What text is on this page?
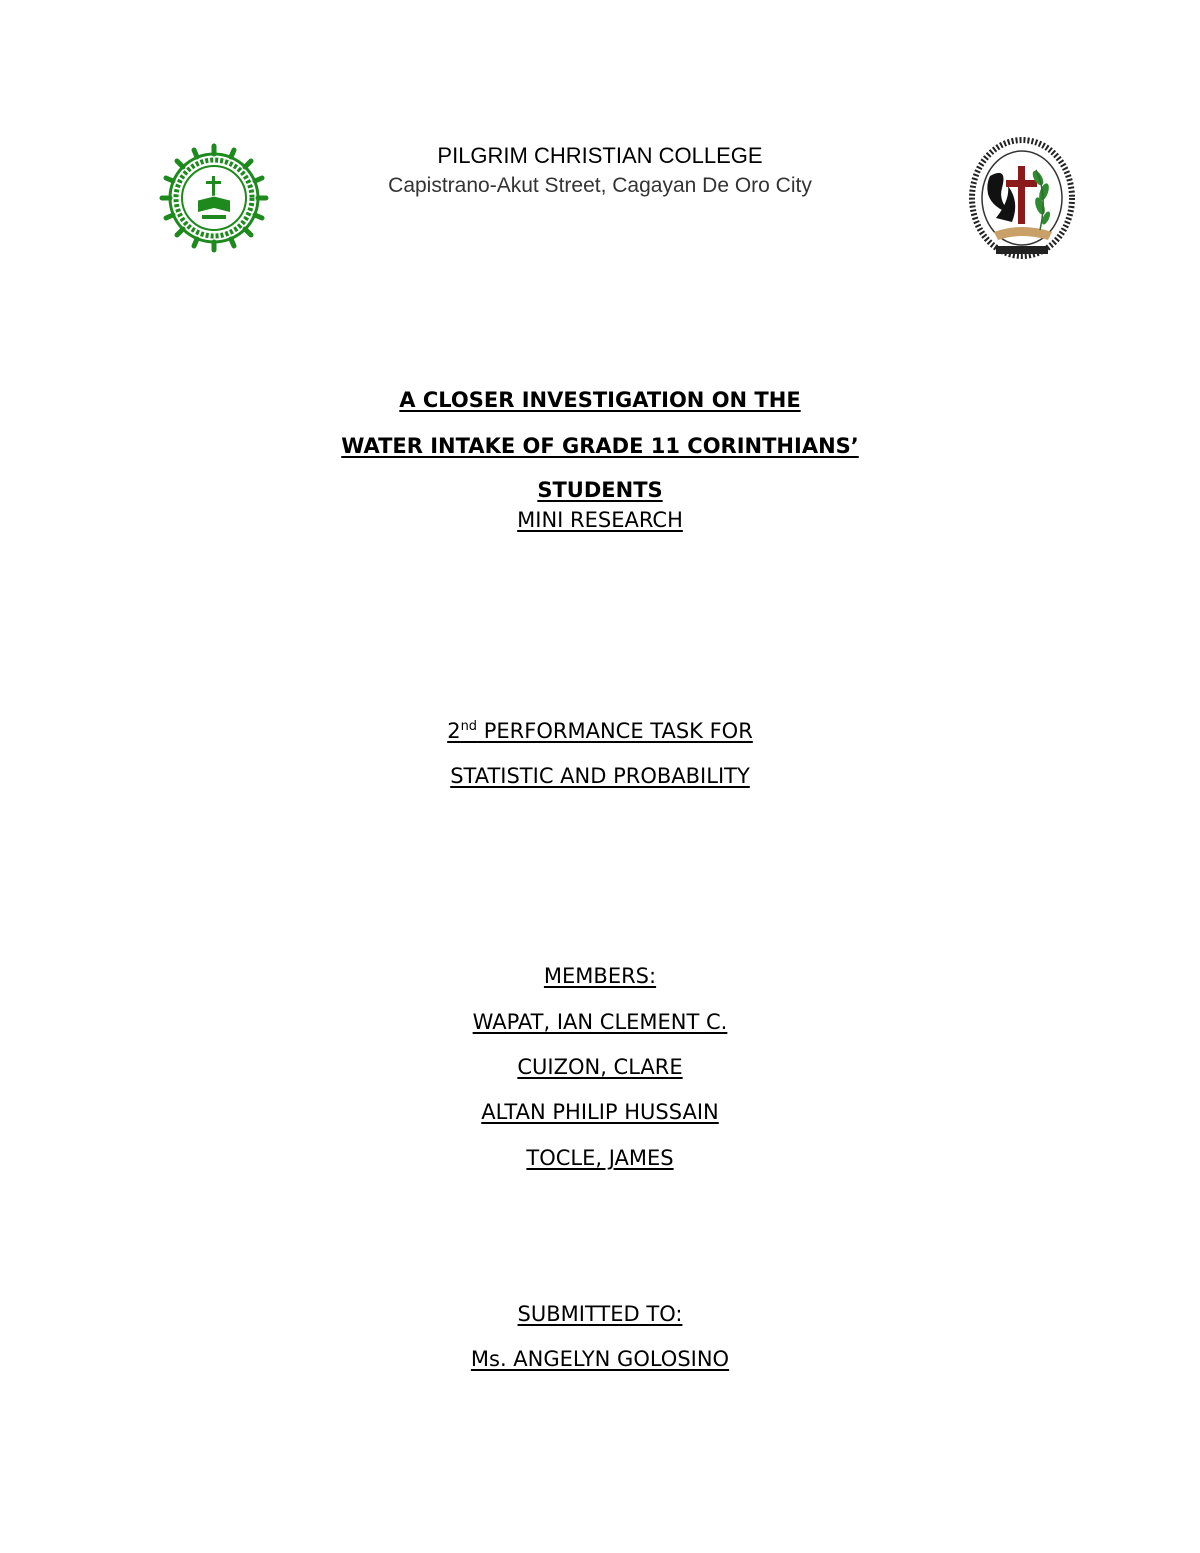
PILGRIM CHRISTIAN COLLEGE
Capistrano-Akut Street, Cagayan De Oro City
A CLOSER INVESTIGATION ON THE
WATER INTAKE OF GRADE 11 CORINTHIANS’
STUDENTS
MINI RESEARCH
2nd PERFORMANCE TASK FOR
STATISTIC AND PROBABILITY
MEMBERS:
WAPAT, IAN CLEMENT C.
CUIZON, CLARE
ALTAN PHILIP HUSSAIN
TOCLE, JAMES
SUBMITTED TO:
Ms. ANGELYN GOLOSINO
